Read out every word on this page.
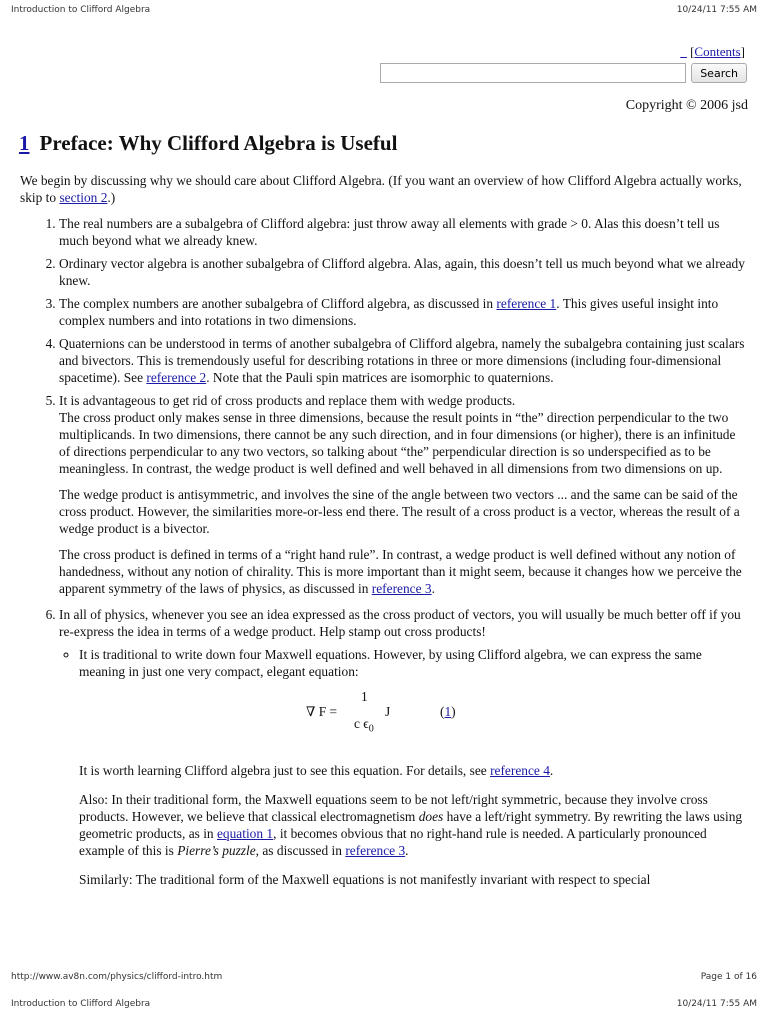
Introduction to Clifford Algebra	10/24/11 7:55 AM
_ [Contents]
Search
Copyright © 2006 jsd
1 Preface: Why Clifford Algebra is Useful

We begin by discussing why we should care about Clifford Algebra. (If you want an overview of how Clifford Algebra actually works, skip to section 2.)

1. The real numbers are a subalgebra of Clifford algebra: just throw away all elements with grade > 0. Alas this doesn’t tell us much beyond what we already knew.
2. Ordinary vector algebra is another subalgebra of Clifford algebra. Alas, again, this doesn’t tell us much beyond what we already knew.
3. The complex numbers are another subalgebra of Clifford algebra, as discussed in reference 1. This gives useful insight into complex numbers and into rotations in two dimensions.
4. Quaternions can be understood in terms of another subalgebra of Clifford algebra, namely the subalgebra containing just scalars and bivectors. This is tremendously useful for describing rotations in three or more dimensions (including four-dimensional spacetime). See reference 2. Note that the Pauli spin matrices are isomorphic to quaternions.
5. It is advantageous to get rid of cross products and replace them with wedge products.

The cross product only makes sense in three dimensions, because the result points in “the” direction perpendicular to the two multiplicands. In two dimensions, there cannot be any such direction, and in four dimensions (or higher), there is an infinitude of directions perpendicular to any two vectors, so talking about “the” perpendicular direction is so underspecified as to be meaningless. In contrast, the wedge product is well defined and well behaved in all dimensions from two dimensions on up.

The wedge product is antisymmetric, and involves the sine of the angle between two vectors ... and the same can be said of the cross product. However, the similarities more-or-less end there. The result of a cross product is a vector, whereas the result of a wedge product is a bivector.

The cross product is defined in terms of a “right hand rule”. In contrast, a wedge product is well defined without any notion of handedness, without any notion of chirality. This is more important than it might seem, because it changes how we perceive the apparent symmetry of the laws of physics, as discussed in reference 3.

6. In all of physics, whenever you see an idea expressed as the cross product of vectors, you will usually be much better off if you re-express the idea in terms of a wedge product. Help stamp out cross products!
◦ It is traditional to write down four Maxwell equations. However, by using Clifford algebra, we can express the same meaning in just one very compact, elegant equation:
∇ F =
1
c $\epsilon_0$
J	(1)

It is worth learning Clifford algebra just to see this equation. For details, see reference 4.

Also: In their traditional form, the Maxwell equations seem to be not left/right symmetric, because they involve cross products. However, we believe that classical electromagnetism does have a left/right symmetry. By rewriting the laws using geometric products, as in equation 1, it becomes obvious that no right-hand rule is needed. A particularly pronounced example of this is Pierre’s puzzle, as discussed in reference 3.

Similarly: The traditional form of the Maxwell equations is not manifestly invariant with respect to special

http://www.av8n.com/physics/clifford-intro.htm	Page 1 of 16
Introduction to Clifford Algebra	10/24/11 7:55 AM
